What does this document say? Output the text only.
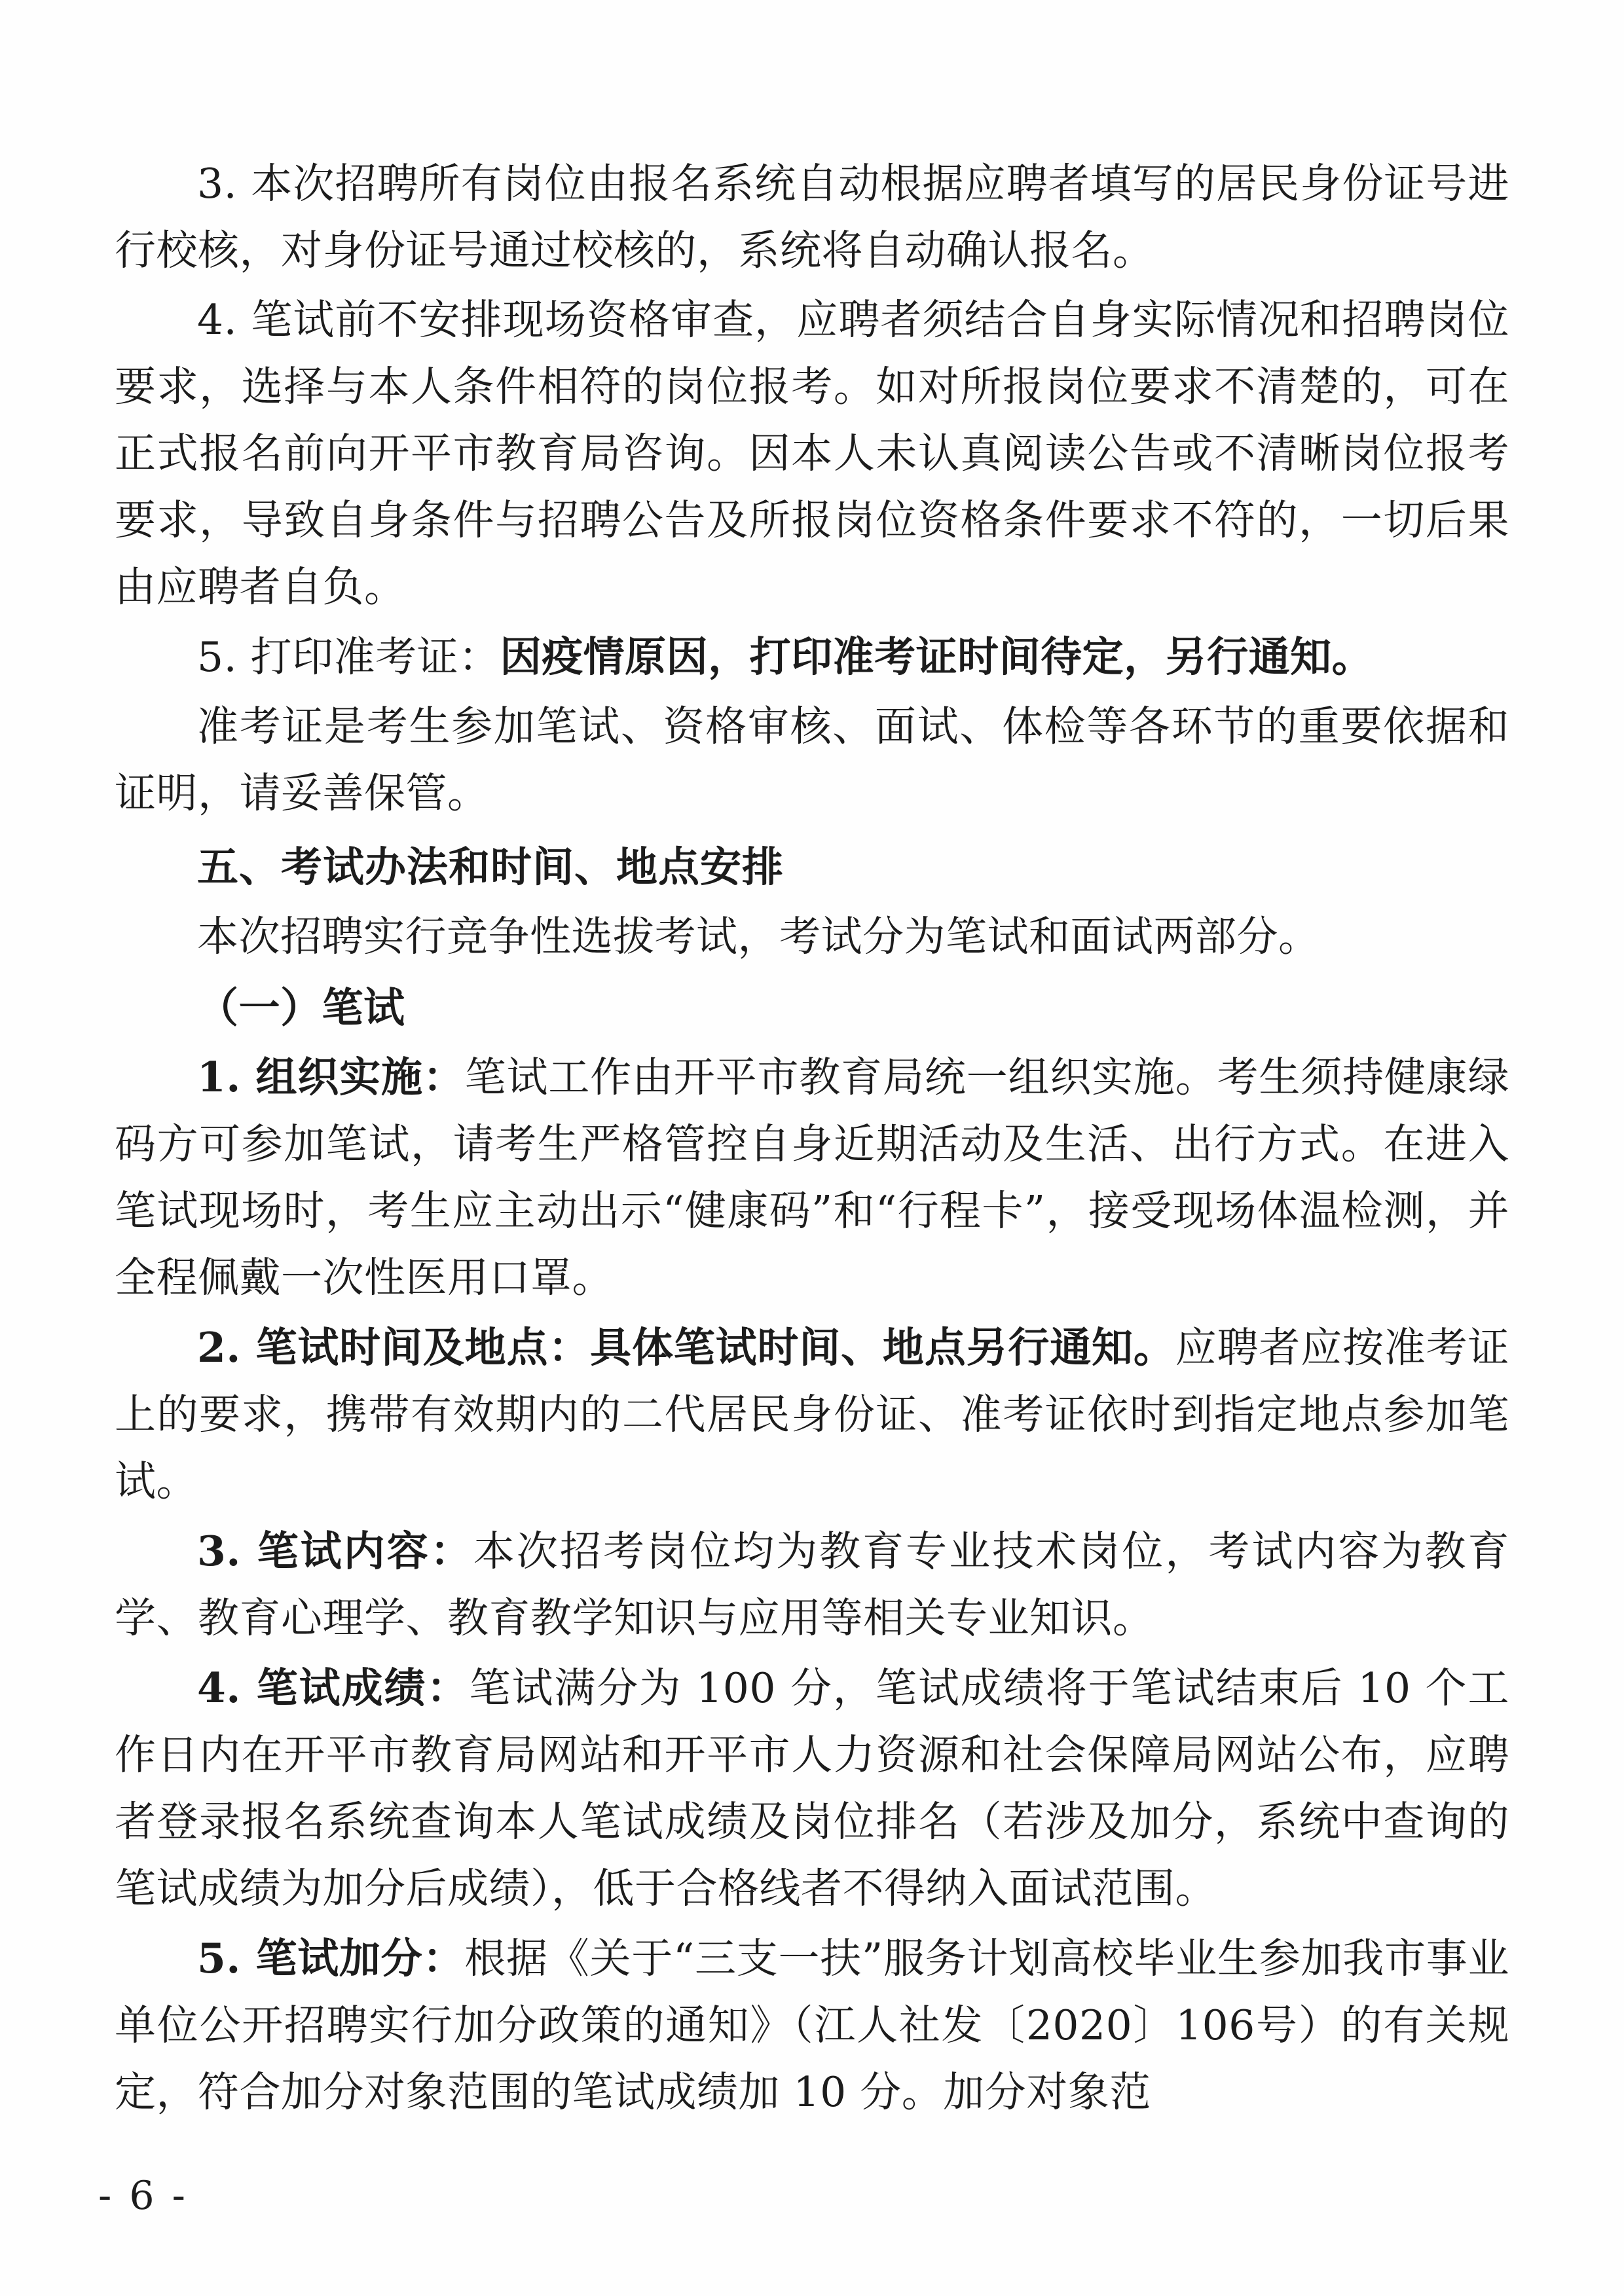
3. 本次招聘所有岗位由报名系统自动根据应聘者填写的居民身份证号进行校核，对身份证号通过校核的，系统将自动确认报名。

4. 笔试前不安排现场资格审查，应聘者须结合自身实际情况和招聘岗位要求，选择与本人条件相符的岗位报考。如对所报岗位要求不清楚的，可在正式报名前向开平市教育局咨询。因本人未认真阅读公告或不清晰岗位报考要求，导致自身条件与招聘公告及所报岗位资格条件要求不符的，一切后果由应聘者自负。

5. 打印准考证：因疫情原因，打印准考证时间待定，另行通知。

准考证是考生参加笔试、资格审核、面试、体检等各环节的重要依据和证明，请妥善保管。

五、考试办法和时间、地点安排

本次招聘实行竞争性选拔考试，考试分为笔试和面试两部分。

（一）笔试

1. 组织实施：笔试工作由开平市教育局统一组织实施。考生须持健康绿码方可参加笔试，请考生严格管控自身近期活动及生活、出行方式。在进入笔试现场时，考生应主动出示“健康码”和“行程卡”，接受现场体温检测，并全程佩戴一次性医用口罩。

2. 笔试时间及地点：具体笔试时间、地点另行通知。应聘者应按准考证上的要求，携带有效期内的二代居民身份证、准考证依时到指定地点参加笔试。

3. 笔试内容：本次招考岗位均为教育专业技术岗位，考试内容为教育学、教育心理学、教育教学知识与应用等相关专业知识。

4. 笔试成绩：笔试满分为 100 分，笔试成绩将于笔试结束后 10 个工作日内在开平市教育局网站和开平市人力资源和社会保障局网站公布，应聘者登录报名系统查询本人笔试成绩及岗位排名（若涉及加分，系统中查询的笔试成绩为加分后成绩），低于合格线者不得纳入面试范围。

5. 笔试加分：根据《关于“三支一扶”服务计划高校毕业生参加我市事业单位公开招聘实行加分政策的通知》（江人社发〔2020〕106号）的有关规定，符合加分对象范围的笔试成绩加 10 分。加分对象范

- 6 -
